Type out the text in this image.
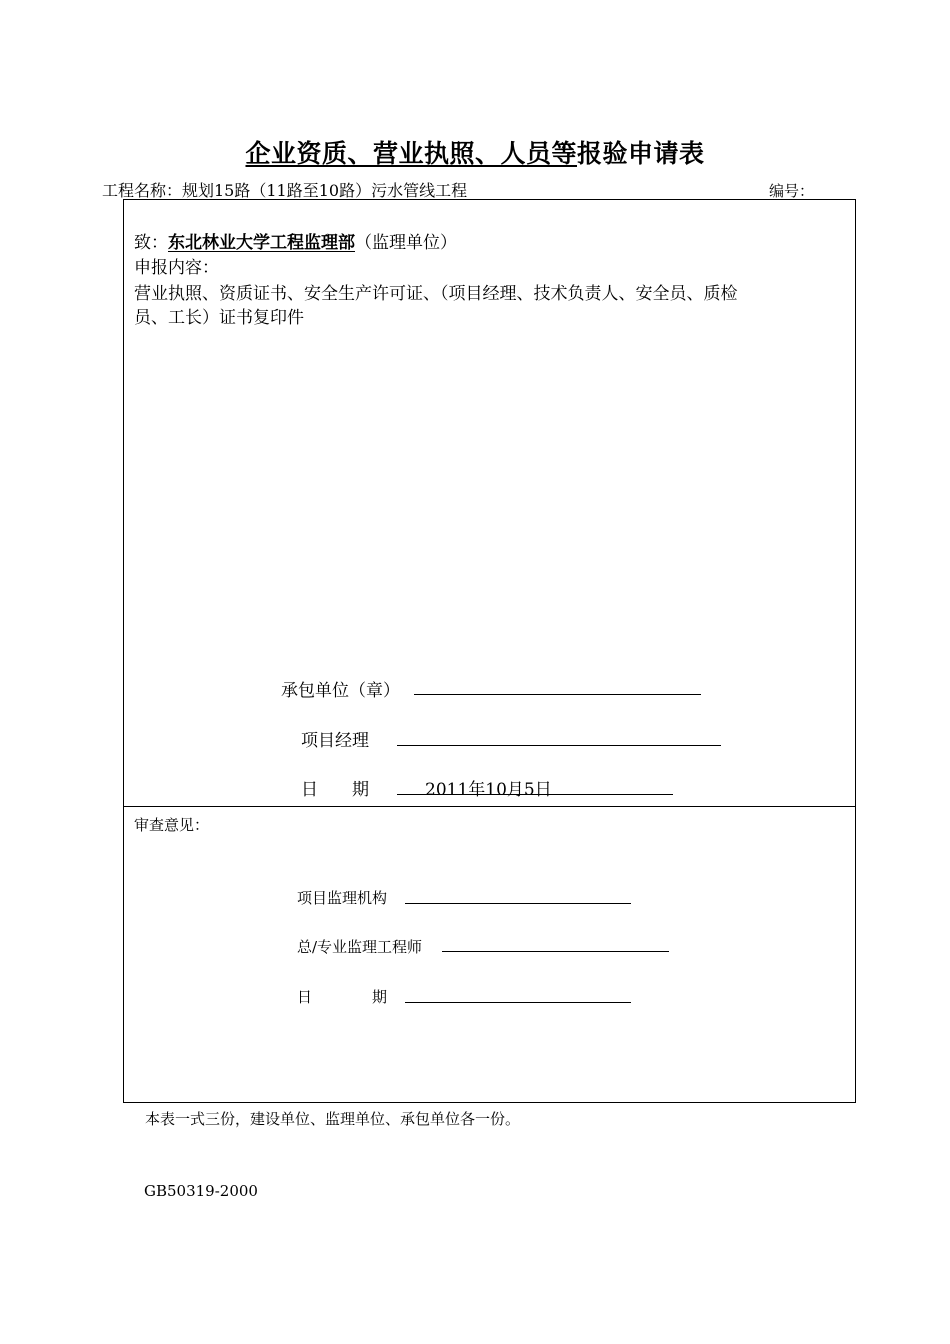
企业资质、营业执照、人员等报验申请表
工程名称：规划15路（11路至10路）污水管线工程	编号：
致：东北林业大学工程监理部（监理单位）
申报内容：
营业执照、资质证书、安全生产许可证、（项目经理、技术负责人、安全员、质检
员、工长）证书复印件
承包单位（章）
项目经理
日　　期	2011年10月5日
审查意见：
项目监理机构
总/专业监理工程师
日　　　　期
本表一式三份，建设单位、监理单位、承包单位各一份。
GB50319-2000
